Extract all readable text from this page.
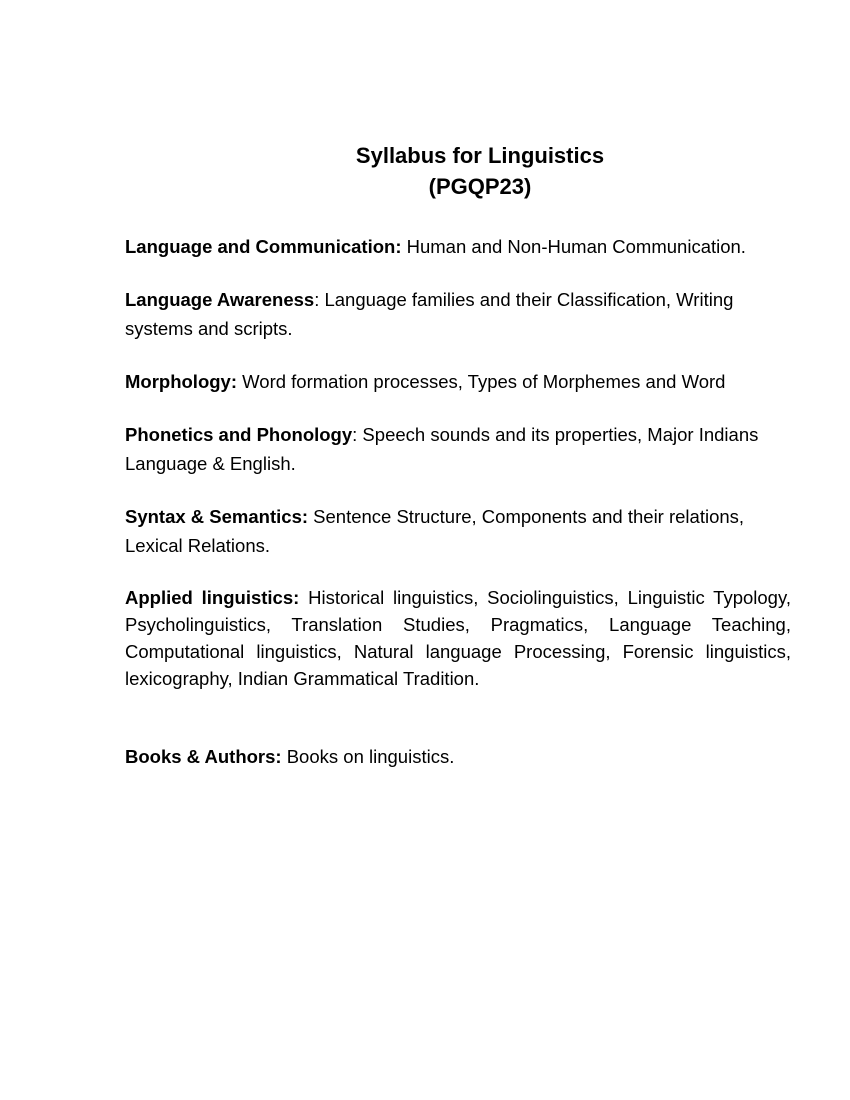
Syllabus for Linguistics
(PGQP23)

Language and Communication: Human and Non-Human Communication.

Language Awareness: Language families and their Classification, Writing systems and scripts.

Morphology: Word formation processes, Types of Morphemes and Word

Phonetics and Phonology: Speech sounds and its properties, Major Indians Language & English.

Syntax & Semantics: Sentence Structure, Components and their relations, Lexical Relations.

Applied linguistics: Historical linguistics, Sociolinguistics, Linguistic Typology, Psycholinguistics, Translation Studies, Pragmatics, Language Teaching, Computational linguistics, Natural language Processing, Forensic linguistics, lexicography, Indian Grammatical Tradition.

Books & Authors: Books on linguistics.
